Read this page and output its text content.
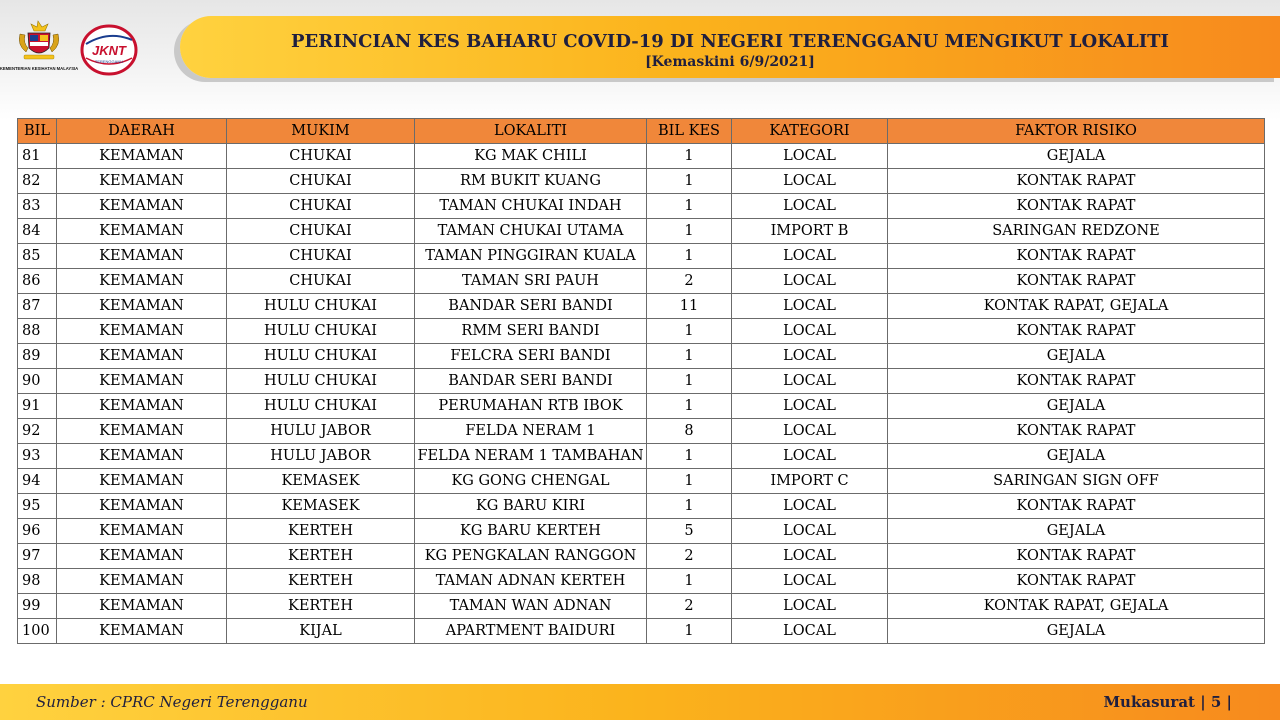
KEMENTERIAN KESIHATAN MALAYSIA
JKNT
TERENGGANU
PERINCIAN KES BAHARU COVID-19 DI NEGERI TERENGGANU MENGIKUT LOKALITI
[Kemaskini 6/9/2021]
BIL	DAERAH	MUKIM	LOKALITI	BIL KES	KATEGORI	FAKTOR RISIKO
81	KEMAMAN	CHUKAI	KG MAK CHILI	1	LOCAL	GEJALA
82	KEMAMAN	CHUKAI	RM BUKIT KUANG	1	LOCAL	KONTAK RAPAT
83	KEMAMAN	CHUKAI	TAMAN CHUKAI INDAH	1	LOCAL	KONTAK RAPAT
84	KEMAMAN	CHUKAI	TAMAN CHUKAI UTAMA	1	IMPORT B	SARINGAN REDZONE
85	KEMAMAN	CHUKAI	TAMAN PINGGIRAN KUALA	1	LOCAL	KONTAK RAPAT
86	KEMAMAN	CHUKAI	TAMAN SRI PAUH	2	LOCAL	KONTAK RAPAT
87	KEMAMAN	HULU CHUKAI	BANDAR SERI BANDI	11	LOCAL	KONTAK RAPAT, GEJALA
88	KEMAMAN	HULU CHUKAI	RMM SERI BANDI	1	LOCAL	KONTAK RAPAT
89	KEMAMAN	HULU CHUKAI	FELCRA SERI BANDI	1	LOCAL	GEJALA
90	KEMAMAN	HULU CHUKAI	BANDAR SERI BANDI	1	LOCAL	KONTAK RAPAT
91	KEMAMAN	HULU CHUKAI	PERUMAHAN RTB IBOK	1	LOCAL	GEJALA
92	KEMAMAN	HULU JABOR	FELDA NERAM 1	8	LOCAL	KONTAK RAPAT
93	KEMAMAN	HULU JABOR	FELDA NERAM 1 TAMBAHAN	1	LOCAL	GEJALA
94	KEMAMAN	KEMASEK	KG GONG CHENGAL	1	IMPORT C	SARINGAN SIGN OFF
95	KEMAMAN	KEMASEK	KG BARU KIRI	1	LOCAL	KONTAK RAPAT
96	KEMAMAN	KERTEH	KG BARU KERTEH	5	LOCAL	GEJALA
97	KEMAMAN	KERTEH	KG PENGKALAN RANGGON	2	LOCAL	KONTAK RAPAT
98	KEMAMAN	KERTEH	TAMAN ADNAN KERTEH	1	LOCAL	KONTAK RAPAT
99	KEMAMAN	KERTEH	TAMAN WAN ADNAN	2	LOCAL	KONTAK RAPAT, GEJALA
100	KEMAMAN	KIJAL	APARTMENT BAIDURI	1	LOCAL	GEJALA
Sumber : CPRC Negeri Terengganu	Mukasurat | 5 |
